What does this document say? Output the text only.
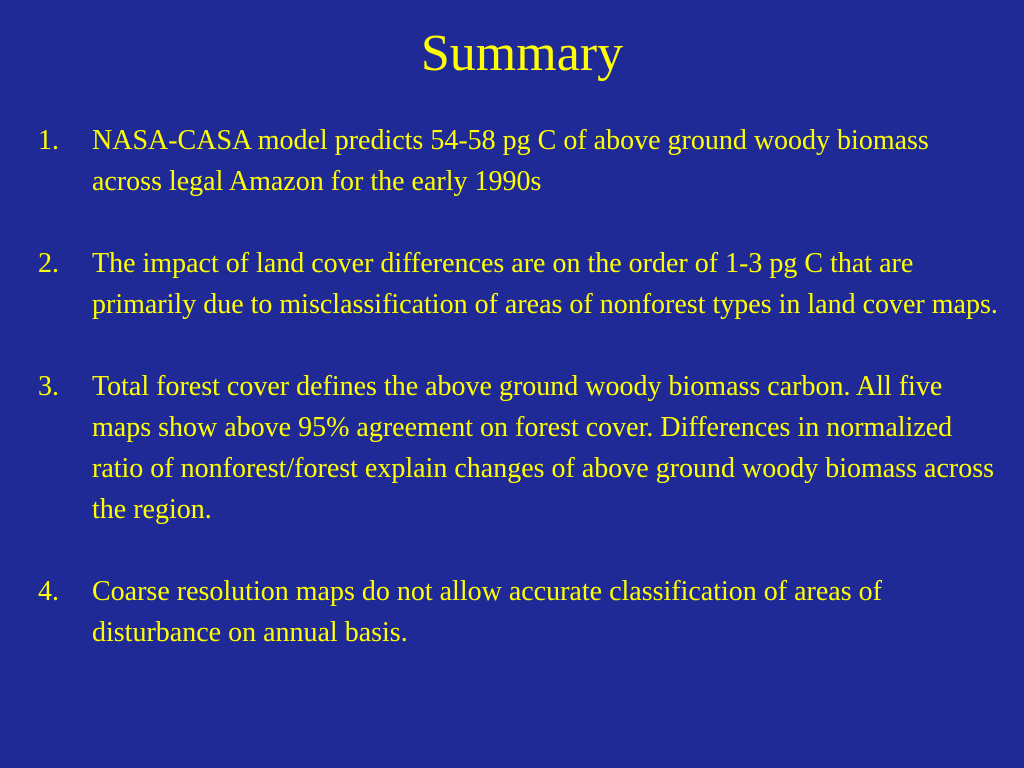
Summary
1. NASA-CASA model predicts 54-58 pg C of above ground woody biomass across legal Amazon for the early 1990s
2. The impact of land cover differences are on the order of 1-3 pg C that are primarily due to misclassification of areas of nonforest types in land cover maps.
3. Total forest cover defines the above ground woody biomass carbon. All five maps show above 95% agreement on forest cover. Differences in normalized ratio of nonforest/forest explain changes of above ground woody biomass across the region.
4. Coarse resolution maps do not allow accurate classification of areas of disturbance on annual basis.
